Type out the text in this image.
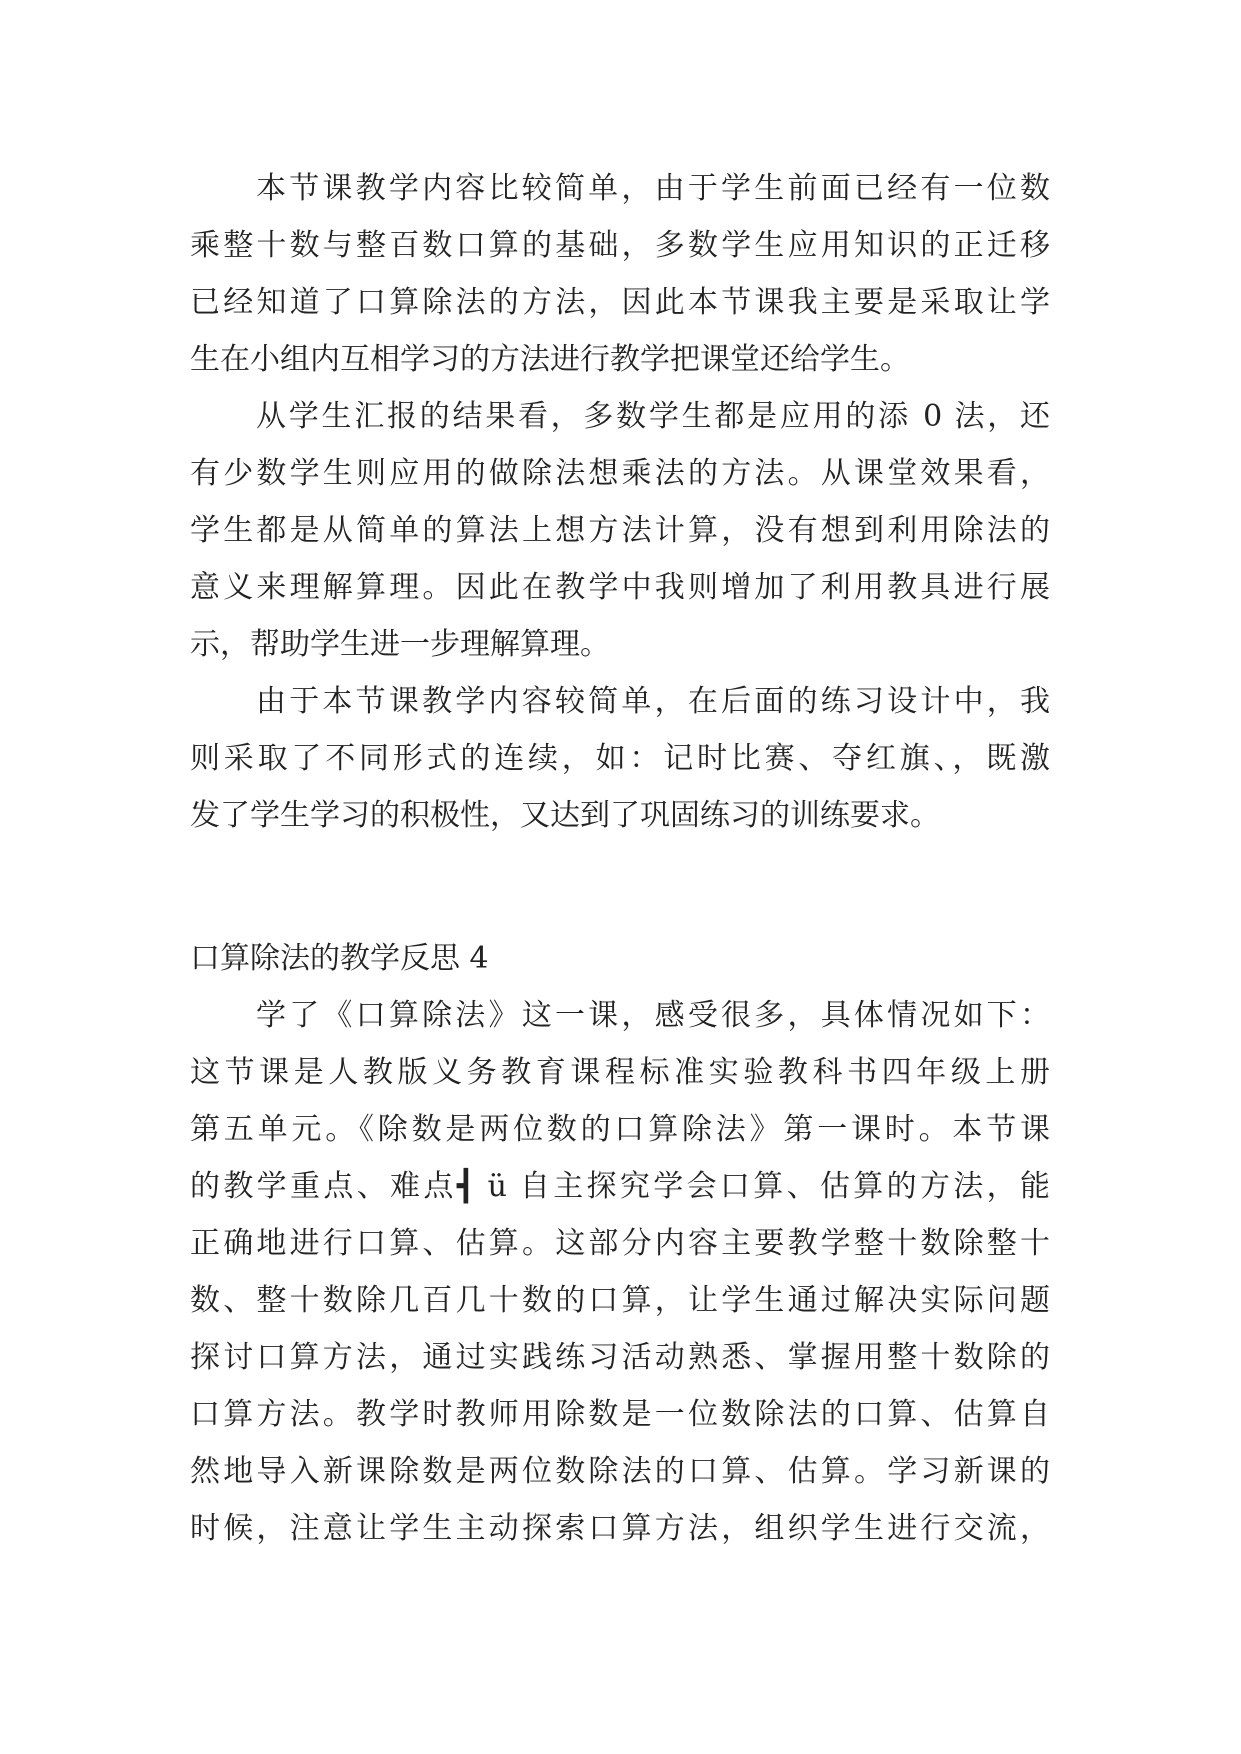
本节课教学内容比较简单，由于学生前面已经有一位数
乘整十数与整百数口算的基础，多数学生应用知识的正迁移
已经知道了口算除法的方法，因此本节课我主要是采取让学
生在小组内互相学习的方法进行教学把课堂还给学生。
从学生汇报的结果看，多数学生都是应用的添 0 法，还
有少数学生则应用的做除法想乘法的方法。从课堂效果看，
学生都是从简单的算法上想方法计算，没有想到利用除法的
意义来理解算理。因此在教学中我则增加了利用教具进行展
示，帮助学生进一步理解算理。
由于本节课教学内容较简单，在后面的练习设计中，我
则采取了不同形式的连续，如：记时比赛、夺红旗、，既激
发了学生学习的积极性，又达到了巩固练习的训练要求。
口算除法的教学反思 4
学了《口算除法》这一课，感受很多，具体情况如下：
这节课是人教版义务教育课程标准实验教科书四年级上册
第五单元。《除数是两位数的口算除法》第一课时。本节课
的教学重点、难点┫ ü 自主探究学会口算、估算的方法，能
正确地进行口算、估算。这部分内容主要教学整十数除整十
数、整十数除几百几十数的口算，让学生通过解决实际问题
探讨口算方法，通过实践练习活动熟悉、掌握用整十数除的
口算方法。教学时教师用除数是一位数除法的口算、估算自
然地导入新课除数是两位数除法的口算、估算。学习新课的
时候，注意让学生主动探索口算方法，组织学生进行交流，
